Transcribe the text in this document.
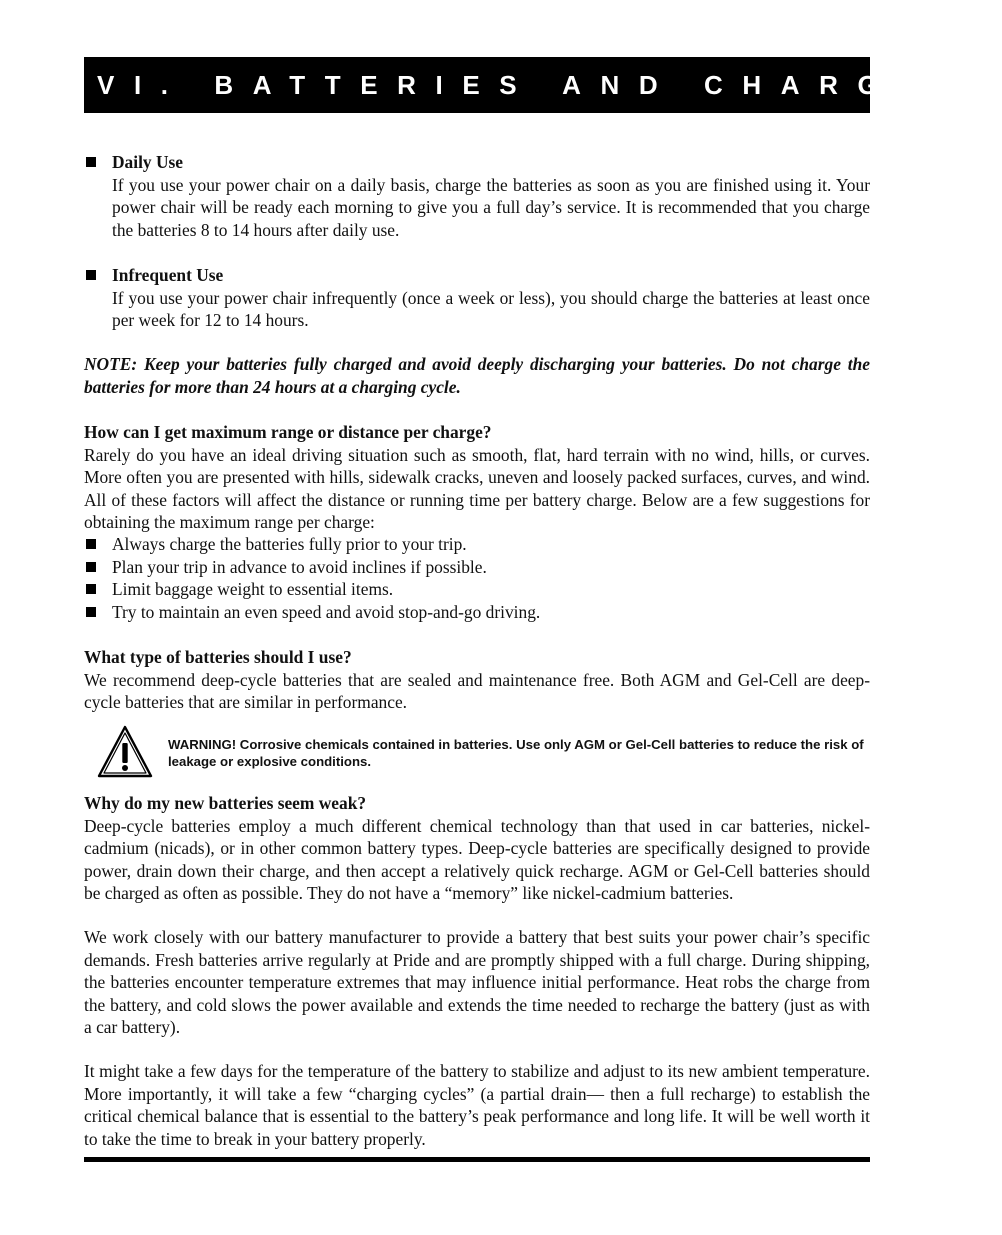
VI. BATTERIES AND CHARGING

Daily Use

If you use your power chair on a daily basis, charge the batteries as soon as you are finished using it. Your power chair will be ready each morning to give you a full day’s service. It is recommended that you charge the batteries 8 to 14 hours after daily use.

Infrequent Use

If you use your power chair infrequently (once a week or less), you should charge the batteries at least once per week for 12 to 14 hours.

NOTE: Keep your batteries fully charged and avoid deeply discharging your batteries. Do not charge the batteries for more than 24 hours at a charging cycle.

How can I get maximum range or distance per charge?

Rarely do you have an ideal driving situation such as smooth, flat, hard terrain with no wind, hills, or curves. More often you are presented with hills, sidewalk cracks, uneven and loosely packed surfaces, curves, and wind. All of these factors will affect the distance or running time per battery charge. Below are a few suggestions for obtaining the maximum range per charge:

Always charge the batteries fully prior to your trip.
Plan your trip in advance to avoid inclines if possible.
Limit baggage weight to essential items.
Try to maintain an even speed and avoid stop-and-go driving.

What type of batteries should I use?

We recommend deep-cycle batteries that are sealed and maintenance free. Both AGM and Gel-Cell are deep-cycle batteries that are similar in performance.

WARNING! Corrosive chemicals contained in batteries. Use only AGM or Gel-Cell batteries to reduce the risk of leakage or explosive conditions.

Why do my new batteries seem weak?

Deep-cycle batteries employ a much different chemical technology than that used in car batteries, nickel-cadmium (nicads), or in other common battery types. Deep-cycle batteries are specifically designed to provide power, drain down their charge, and then accept a relatively quick recharge. AGM or Gel-Cell batteries should be charged as often as possible. They do not have a “memory” like nickel-cadmium batteries.

We work closely with our battery manufacturer to provide a battery that best suits your power chair’s specific demands. Fresh batteries arrive regularly at Pride and are promptly shipped with a full charge. During shipping, the batteries encounter temperature extremes that may influence initial performance. Heat robs the charge from the battery, and cold slows the power available and extends the time needed to recharge the battery (just as with a car battery).

It might take a few days for the temperature of the battery to stabilize and adjust to its new ambient temperature. More importantly, it will take a few “charging cycles” (a partial drain— then a full recharge) to establish the critical chemical balance that is essential to the battery’s peak performance and long life. It will be well worth it to take the time to break in your battery properly.
